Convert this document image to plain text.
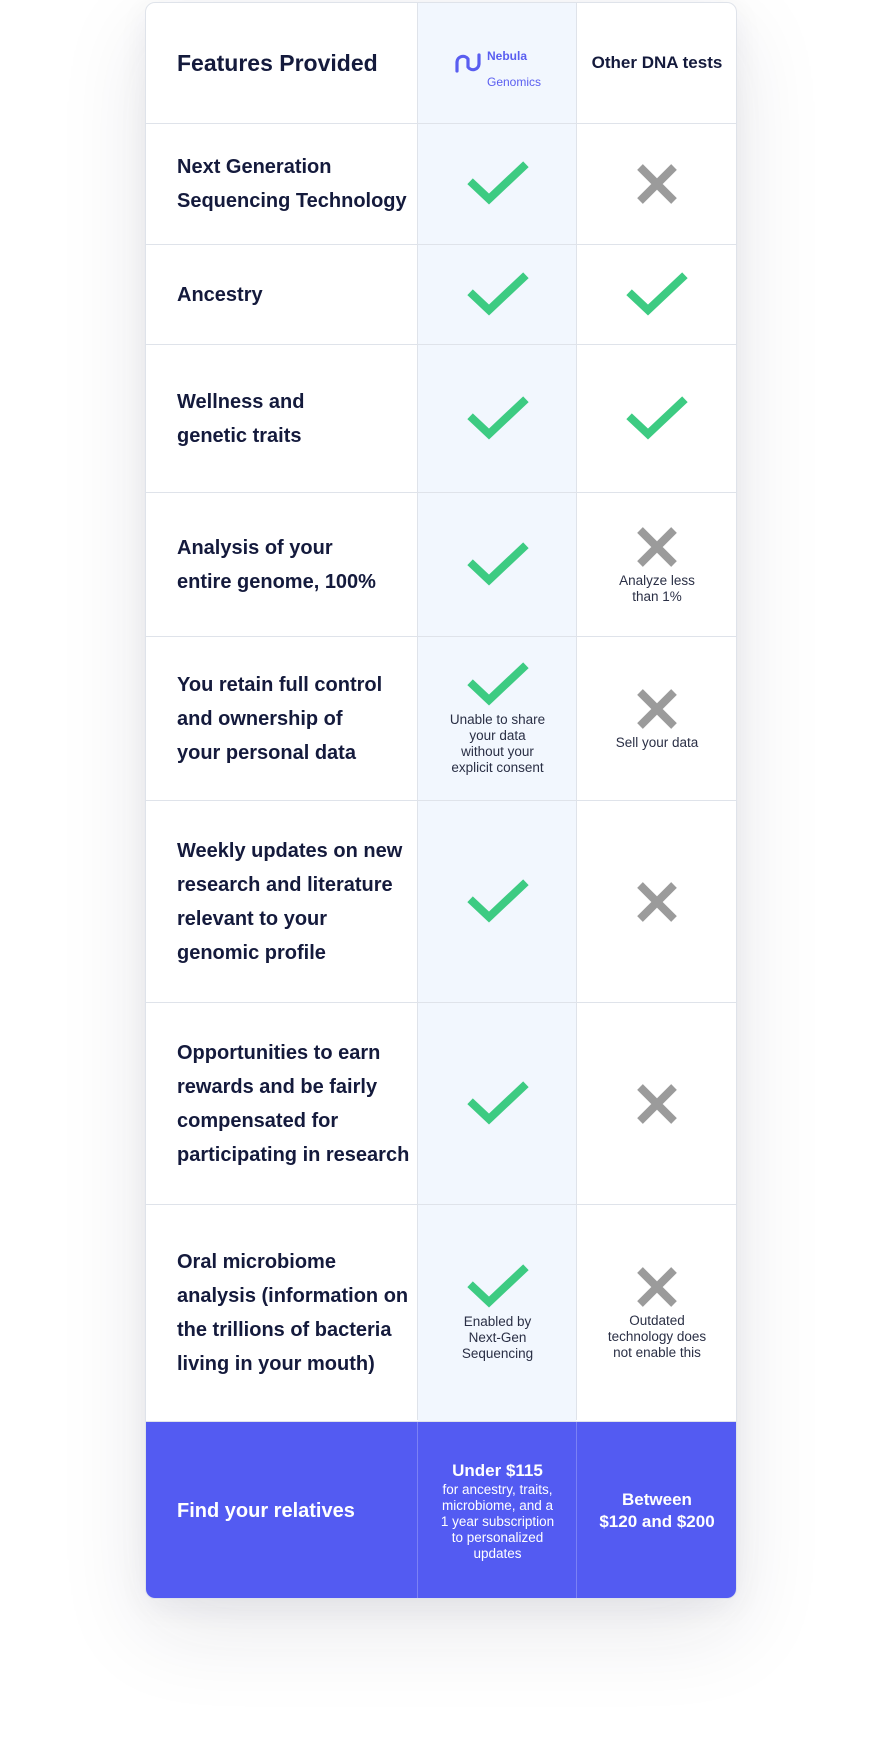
Features Provided	Nebula

Genomics

Other DNA tests
Next Generation
Sequencing Technology
Ancestry
Wellness and
genetic traits
Analysis of your
entire genome, 100%	Analyze less
than 1%
You retain full control
and ownership of
your personal data
Unable to share
your data
without your
explicit consent
Sell your data
Weekly updates on new
research and literature
relevant to your
genomic profile
Opportunities to earn
rewards and be fairly
compensated for
participating in research
Oral microbiome
analysis (information on
the trillions of bacteria
living in your mouth)
Enabled by
Next-Gen
Sequencing
Outdated
technology does
not enable this
Find your relatives
Under $115
for ancestry, traits,
microbiome, and a
1 year subscription
to personalized
updates
Between
$120 and $200
